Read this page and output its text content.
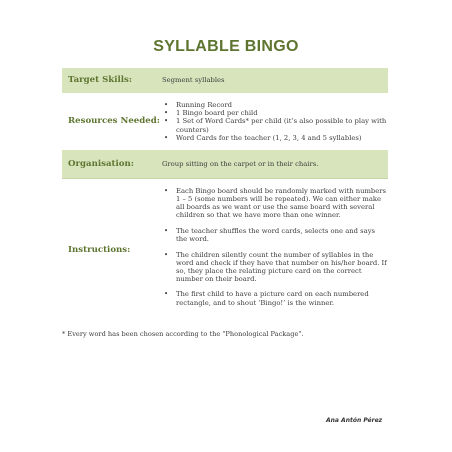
SYLLABLE BINGO
Target Skills:	Segment syllables
Resources Needed:
• Running Record
• 1 Bingo board per child
• 1 Set of Word Cards* per child (it’s also possible to play with counters)
• Word Cards for the teacher (1, 2, 3, 4 and 5 syllables)
Organisation:	Group sitting on the carpet or in their chairs.
Instructions:
• Each Bingo board should be randomly marked with numbers 1 – 5 (some numbers will be repeated). We can either make all boards as we want or use the same board with several children so that we have more than one winner.
• The teacher shuffles the word cards, selects one and says the word.
• The children silently count the number of syllables in the word and check if they have that number on his/her board. If so, they place the relating picture card on the correct number on their board.
• The first child to have a picture card on each numbered rectangle, and to shout ‘Bingo!’ is the winner.
* Every word has been chosen according to the "Phonological Package".
Ana Antón Pérez
